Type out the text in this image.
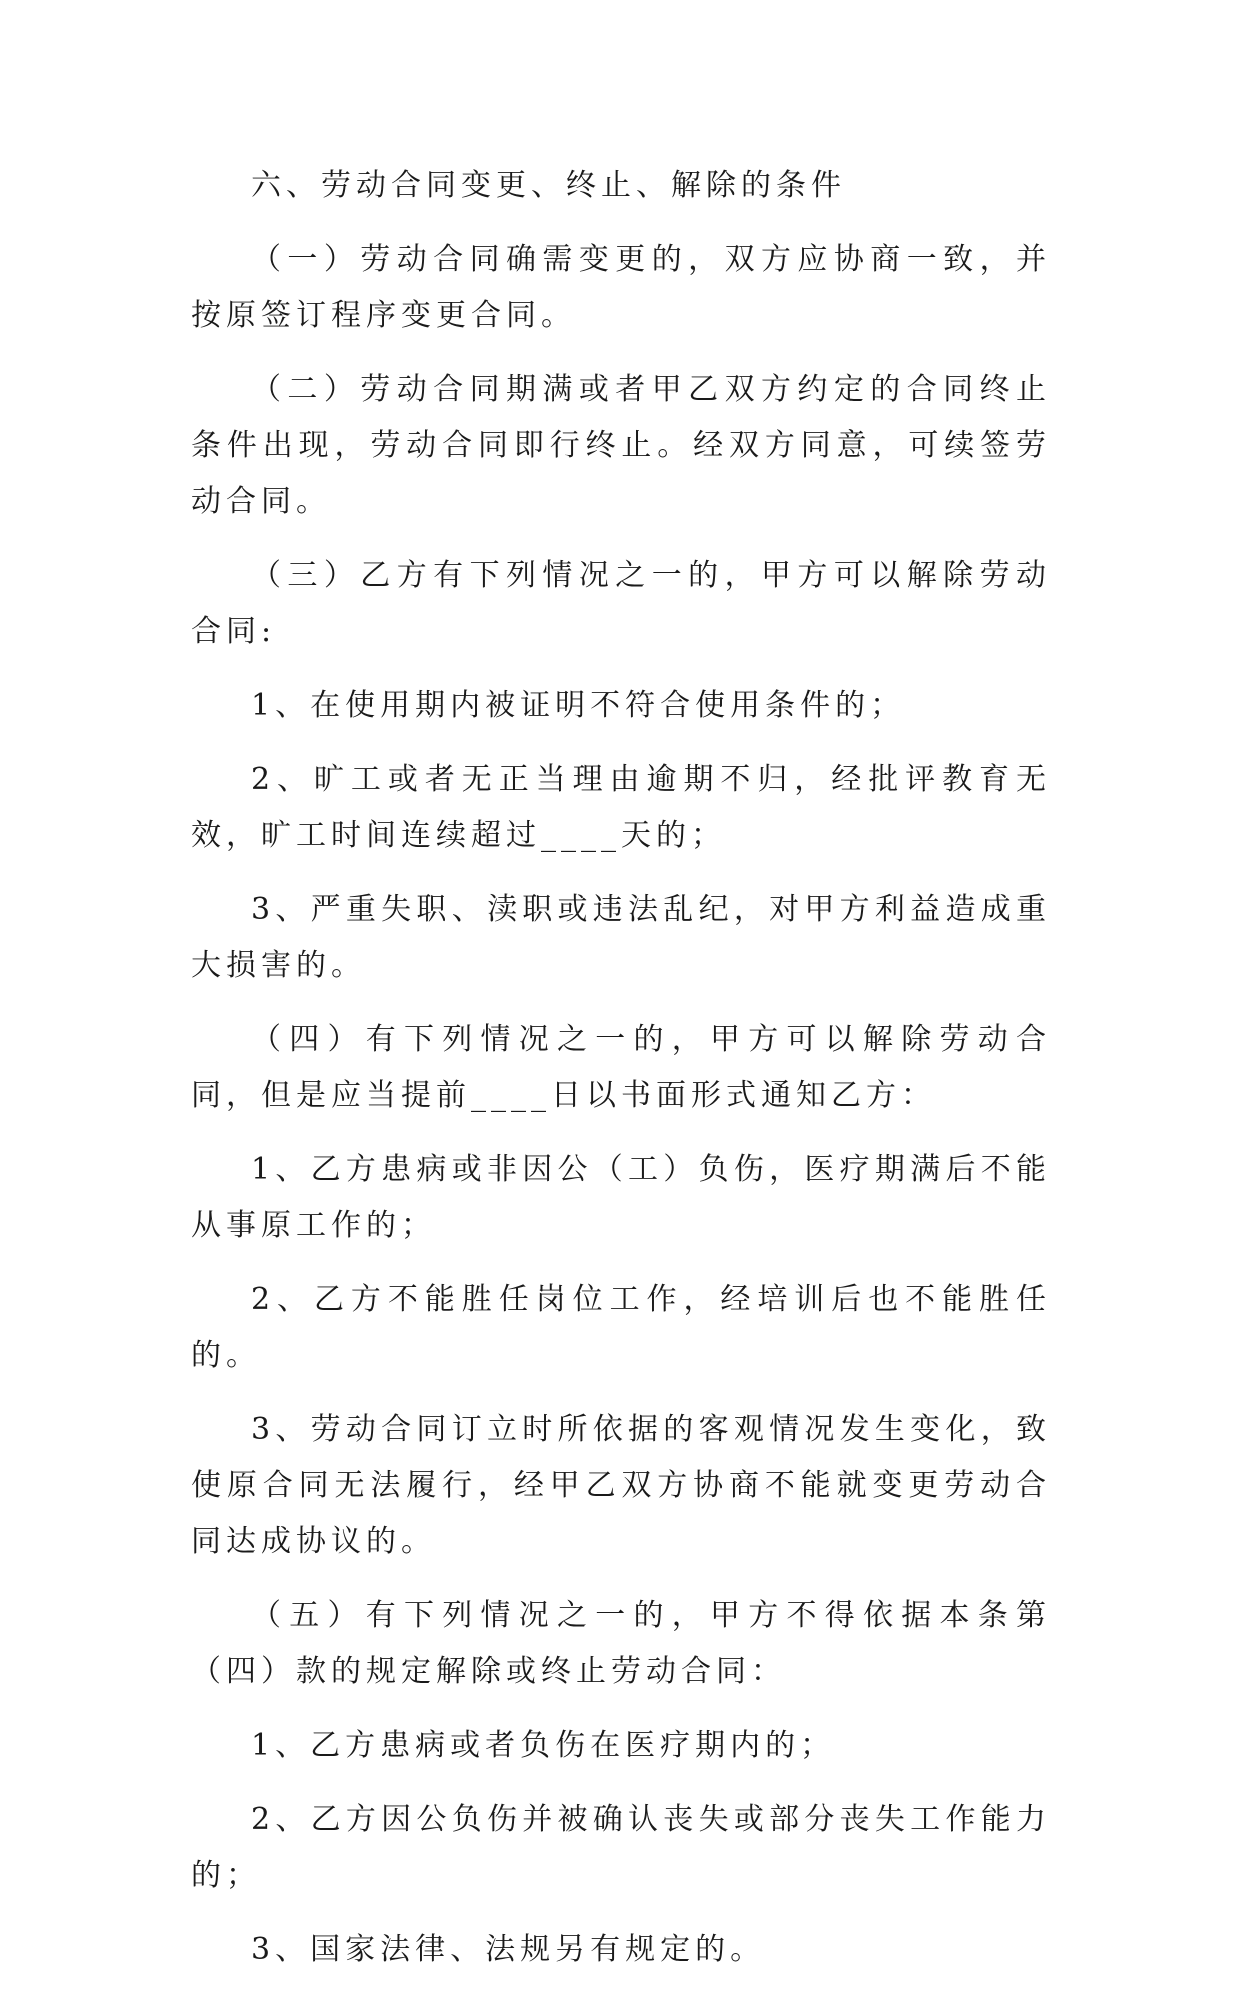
六、劳动合同变更、终止、解除的条件

（一）劳动合同确需变更的，双方应协商一致，并按原签订程序变更合同。

（二）劳动合同期满或者甲乙双方约定的合同终止条件出现，劳动合同即行终止。经双方同意，可续签劳动合同。

（三）乙方有下列情况之一的，甲方可以解除劳动合同:

1、在使用期内被证明不符合使用条件的；

2、旷工或者无正当理由逾期不归，经批评教育无效，旷工时间连续超过____天的；

3、严重失职、渎职或违法乱纪，对甲方利益造成重大损害的。

（四）有下列情况之一的，甲方可以解除劳动合同，但是应当提前____日以书面形式通知乙方：

1、乙方患病或非因公（工）负伤，医疗期满后不能从事原工作的；

2、乙方不能胜任岗位工作，经培训后也不能胜任的。

3、劳动合同订立时所依据的客观情况发生变化，致使原合同无法履行，经甲乙双方协商不能就变更劳动合同达成协议的。

（五）有下列情况之一的，甲方不得依据本条第（四）款的规定解除或终止劳动合同：

1、乙方患病或者负伤在医疗期内的；

2、乙方因公负伤并被确认丧失或部分丧失工作能力的；

3、国家法律、法规另有规定的。
